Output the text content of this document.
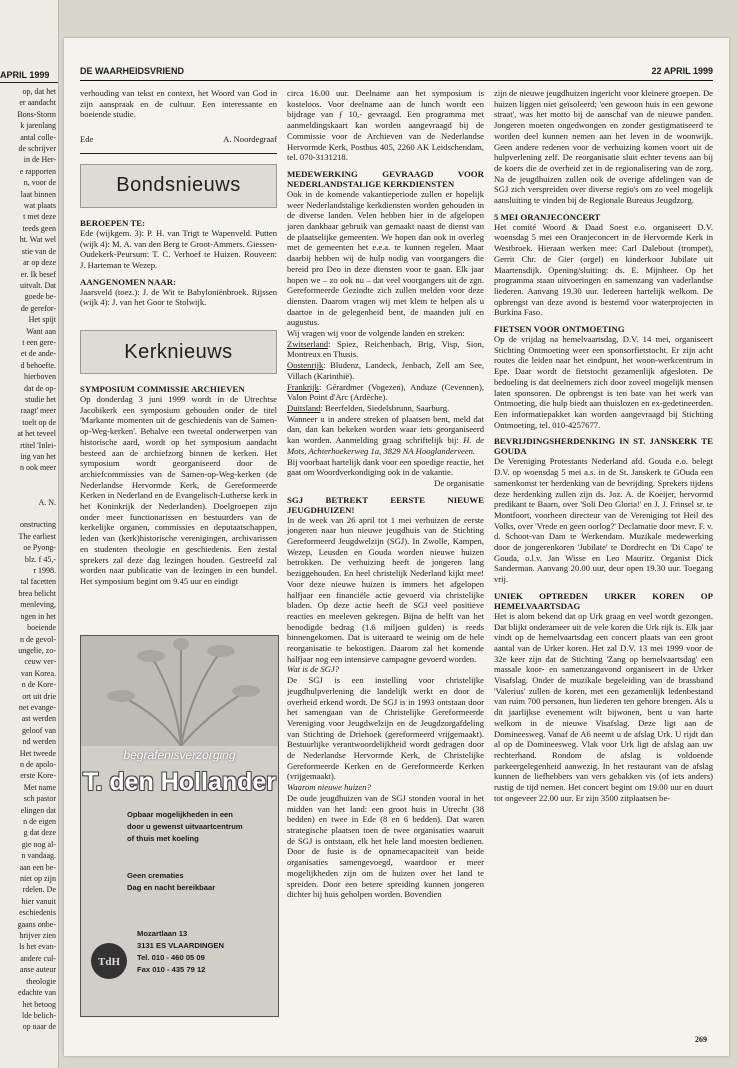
APRIL 1999
op, dat het
er aandacht
Bons-Storm
k jarenlang
antal colle-
de schrijver
in de Her-
e rapporten
n, voor de
laat binnen
wat plaats
t met deze
teeds geen
ht. Wat wel
stie van de
ar op deze
er. Ik besef
uitvalt. Dat
goede be-
de gerefor-
Het spijt
Want aan
t een gere-
et de ande-
d behoefte.
hierboven
dat de op-
studie het
raagt' meer
toelt op de
at het teveel
rtitel 'Inlei-
ing van het
n ook meer

A. N.

onstructing
The earliest
oe Pyong-
blz. f 45,-
r 1998.
tal facetten
brea belicht
menleving,
ngen in het
boeiende
n de gevol-
ungelie, zo-
ceuw ver-
van Korea.
n de Kore-
ort uit drie
net evange-
ast werden
geloof van
nd werden
Het tweede
n de apolo-
erste Kore-
Met name
sch pastor
elingen dat
n de eigen
g dat deze
gie nog al-
n vandaag.
aan een be-
niet op zijn
rdelen. De
hier vanuit
eschiedenis
gaans onbe-
hrijver zien
ls het evan-
andere cul-
anse auteur
theologie
edachte van
het betoog
lde belich-
op naar de
DE WAARHEIDSVRIEND	22 APRIL 1999

verhouding van tekst en context, het Woord van God in zijn aanspraak en de cultuur. Een interessante en boeiende studie.

Ede	A. Noordegraaf
Bondsnieuws
BEROEPEN TE:

Ede (wijkgem. 3): P. H. van Trigt te Wapenveld. Putten (wijk 4): M. A. van den Berg te Groot-Ammers. Giessen-Oudekerk-Peursum: T. C. Verhoef te Huizen. Rouveen: J. Harteman te Wezep.

AANGENOMEN NAAR:

Jaarsveld (toez.): J. de Wit te Babyloniënbroek. Rijssen (wijk 4): J. van het Goor te Stolwijk.

Kerknieuws
SYMPOSIUM COMMISSIE ARCHIEVEN

Op donderdag 3 juni 1999 wordt in de Utrechtse Jacobikerk een symposium gehouden onder de titel 'Markante momenten uit de geschiedenis van de Samen-op-Weg-kerken'. Behalve een tweetal onderwerpen van historische aard, wordt op het symposium aandacht besteed aan de archiefzorg binnen de kerken. Het symposium wordt georganiseerd door de archiefcommissies van de Samen-op-Weg-kerken (de Nederlandse Hervormde Kerk, de Gereformeerde Kerken in Nederland en de Evangelisch-Lutherse kerk in het Koninkrijk der Nederlanden). Doelgroepen zijn onder meer functionarissen en bestuurders van de kerkelijke organen, commissies en deputaatschappen, leden van (kerk)historische verenigingen, archivarissen en studenten theologie en geschiedenis. Een zestal sprekers zal deze dag lezingen houden. Gestreefd zal worden naar publicatie van de lezingen in een bundel. Het symposium begint om 9.45 uur en eindigt

begrafenisverzorging
T. den Hollander
Opbaar mogelijkheden in een
door u gewenst uitvaartcentrum
of thuis met koeling
Geen crematies
Dag en nacht bereikbaar
TdH
Mozartlaan 13
3131 ES VLAARDINGEN
Tel. 010 - 460 05 09
Fax 010 - 435 79 12

circa 16.00 uur. Deelname aan het symposium is kosteloos. Voor deelname aan de lunch wordt een bijdrage van ƒ 10,- gevraagd. Een programma met aanmeldingskaart kan worden aangevraagd bij de Commissie voor de Archieven van de Nederlandse Hervormde Kerk, Postbus 405, 2260 AK Leidschendam, tel. 070-3131218.

MEDEWERKING GEVRAAGD VOOR NEDERLANDSTALIGE KERKDIENSTEN

Ook in de komende vakantieperiode zullen er hopelijk weer Nederlandstalige kerkdiensten worden gehouden in de diverse landen. Velen hebben hier in de afgelopen jaren dankbaar gebruik van gemaakt naast de dienst van de plaatselijke gemeenten. We hopen dan ook in overleg met de gemeenten het e.e.a. te kunnen regelen. Maar daarbij hebben wij de hulp nodig van voorgangers die bereid pro Deo in deze diensten voor te gaan. Elk jaar hopen we – zo ook nu – dat veel voorgangers uit de zgn. Gereformeerde Gezindte zich zullen melden voor deze diensten. Daarom vragen wij met klem te helpen als u daartoe in de gelegenheid bent, de maanden juli en augustus.

Wij vragen wij voor de volgende landen en streken:

Zwitserland: Spiez, Reichenbach, Brig, Visp, Sion, Montreux en Thusis.

Oostenrijk: Bludenz, Landeck, Jenbach, Zell am See, Villach (Karinthië).

Frankrijk: Gérardmer (Vogezen), Anduze (Cevennen), Valon Point d'Arc (Ardèche).

Duitsland: Beerfelden, Siedelsbrunn, Saarburg.

Wanneer u in andere streken of plaatsen bent, meld dat dan, dan kan bekeken worden waar iets georganiseerd kan worden. Aanmelding graag schriftelijk bij: H. de Mots, Achterhoekerweg 1a, 3829 NA Hooglanderveen.

Bij voorbaat hartelijk dank voor een spoedige reactie, het gaat om Woordverkondiging ook in de vakantie.

De organisatie

SGJ BETREKT EERSTE NIEUWE JEUGDHUIZEN!

In de week van 26 april tot 1 mei verhuizen de eerste jongeren naar hun nieuwe jeugdhuis van de Stichting Gereformeerd Jeugdwelzijn (SGJ). In Zwolle, Kampen, Wezep, Leusden en Gouda worden nieuwe huizen betrokken. De verhuizing heeft de jongeren lang beziggehouden. En heel christelijk Nederland kijkt mee! Voor deze nieuwe huizen is immers het afgelopen halfjaar een financiële actie gevoerd via christelijke bladen. Op deze actie heeft de SGJ veel positieve reacties en meeleven gekregen. Bijna de helft van het benodigde bedrag (1.6 miljoen gulden) is reeds binnengekomen. Dat is uiteraard te weinig om de hele reorganisatie te bekostigen. Daarom zal het komende halfjaar nog een intensieve campagne gevoerd worden.

Wat is de SGJ?

De SGJ is een instelling voor christelijke jeugdhulpverlening die landelijk werkt en door de overheid erkend wordt. De SGJ is in 1993 ontstaan door het samengaan van de Christelijke Gereformeerde Vereniging voor Jeugdwelzijn en de Jeugdzorgafdeling van Stichting de Driehoek (gereformeerd vrijgemaakt). Bestuurlijke verantwoordelijkheid wordt gedragen door de Nederlandse Hervormde Kerk, de Christelijke Gereformeerde Kerken en de Gereformeerde Kerken (vrijgemaakt).

Waarom nieuwe huizen?

De oude jeugdhuizen van de SGJ stonden vooral in het midden van het land: een groot huis in Utrecht (38 bedden) en twee in Ede (8 en 6 bedden). Dat waren strategische plaatsen toen de twee organisaties waaruit de SGJ is ontstaan, elk het hele land moesten bedienen. Door de fusie is de opnamecapaciteit van beide organisaties samengevoegd, waardoor er meer mogelijkheden zijn om de huizen over het land te spreiden. Door een betere spreiding kunnen jongeren dichter bij huis geholpen worden. Bovendien

zijn de nieuwe jeugdhuizen ingericht voor kleinere groepen. De huizen liggen niet geïsoleerd; 'een gewoon huis in een gewone straat', was het motto bij de aanschaf van de nieuwe panden. Jongeren moeten ongedwongen en zonder gestigmatiseerd te worden deel kunnen nemen aan het leven in de woonwijk. Geen andere redenen voor de verhuizing komen voort uit de hulpverlening zelf. De reorganisatie sluit echter tevens aan bij de koers die de overheid zet in de regionalisering van de zorg. Na de jeugdhuizen zullen ook de overige afdelingen van de SGJ zich verspreiden over diverse regio's om zo veel mogelijk aansluiting te vinden bij de Regionale Bureaus Jeugdzorg.

5 MEI ORANJECONCERT

Het comité Woord & Daad Soest e.o. organiseert D.V. woensdag 5 mei een Oranjeconcert in de Hervormde Kerk in Westbroek. Hieraan werken mee: Carl Dalebout (trompet), Gerrit Chr. de Gier (orgel) en kinderkoor Jubilate uit Maartensdijk. Opening/sluiting: ds. E. Mijnheer. Op het programma staan uitvoeringen en samenzang van vaderlandse liederen. Aanvang 19.30 uur. Iedereen hartelijk welkom. De opbrengst van deze avond is bestemd voor waterprojecten in Burkina Faso.

FIETSEN VOOR ONTMOETING

Op de vrijdag na hemelvaartsdag, D.V. 14 mei, organiseert Stichting Ontmoeting weer een sponsorfietstocht. Er zijn acht routes die leiden naar het eindpunt, het woon-werkcentrum in Epe. Daar wordt de fietstocht gezamenlijk afgesloten. De bedoeling is dat deelnemers zich door zoveel mogelijk mensen laten sponsoren. De opbrengst is ten bate van het werk van Ontmoeting, die hulp biedt aan thuislozen en ex-gedetineerden. Een informatiepakket kan worden aangevraagd bij Stichting Ontmoeting, tel. 010-4257677.

BEVRIJDINGSHERDENKING IN ST. JANSKERK TE GOUDA

De Vereniging Protestants Nederland afd. Gouda e.o. belegt D.V. op woensdag 5 mei a.s. in de St. Janskerk te GOuda een samenkomst ter herdenking van de bevrijding. Sprekers tijdens deze herdenking zullen zijn ds. Joz. A. de Koeijer, hervormd predikant te Baarn, over 'Soli Deo Gloria!' en J. J. Frinsel sr. te Montfoort, voorheen directeur van de Vereniging tot Heil des Volks, over 'Vrede en geen oorlog?' Declamatie door mevr. F. v. d. Schoot-van Dam te Werkendam. Muzikale medewerking door de jongerenkoren 'Jubilate' te Dordrecht en 'Di Capo' te Gouda, o.l.v. Jan Wisse en Leo Mauritz. Organist Dick Sanderman. Aanvang 20.00 uur, deur open 19.30 uur. Toegang vrij.

UNIEK OPTREDEN URKER KOREN OP HEMELVAARTSDAG

Het is alom bekend dat op Urk graag en veel wordt gezongen. Dat blijkt onderameer uit de vele koren die Urk rijk is. Elk jaar vindt op de hemelvaartsdag een concert plaats van een groot aantal van de Urker koren. Het zal D.V. 13 mei 1999 voor de 32e keer zijn dat de Stichting 'Zang op hemelvaartsdag' een massale koor- en samenzangavond organiseert in de Urker Visafslag. Onder de muzikale begeleiding van de brassband 'Valerius' zullen de koren, met een gezamenlijk ledenbestand van ruim 700 personen, hun liederen ten gehore brengen. Als u dit jaarlijkse evenement wilt bijwonen, bent u van harte welkom in de nieuwe Visafslag. Deze ligt aan de Domineesweg. Vanaf de A6 neemt u de afslag Urk. U rijdt dan al op de Domineesweg. Vlak voor Urk ligt de afslag aan uw rechterhand. Rondom de afslag is voldoende parkeergelegenheid aanwezig. In het restaurant van de afslag kunnen de liefhebbers van vers gebakken vis (of iets anders) rustig de tijd nemen. Het concert begint om 19.00 uur en duurt tot ongeveer 22.00 uur. Er zijn 3500 zitplaatsen be-

269
